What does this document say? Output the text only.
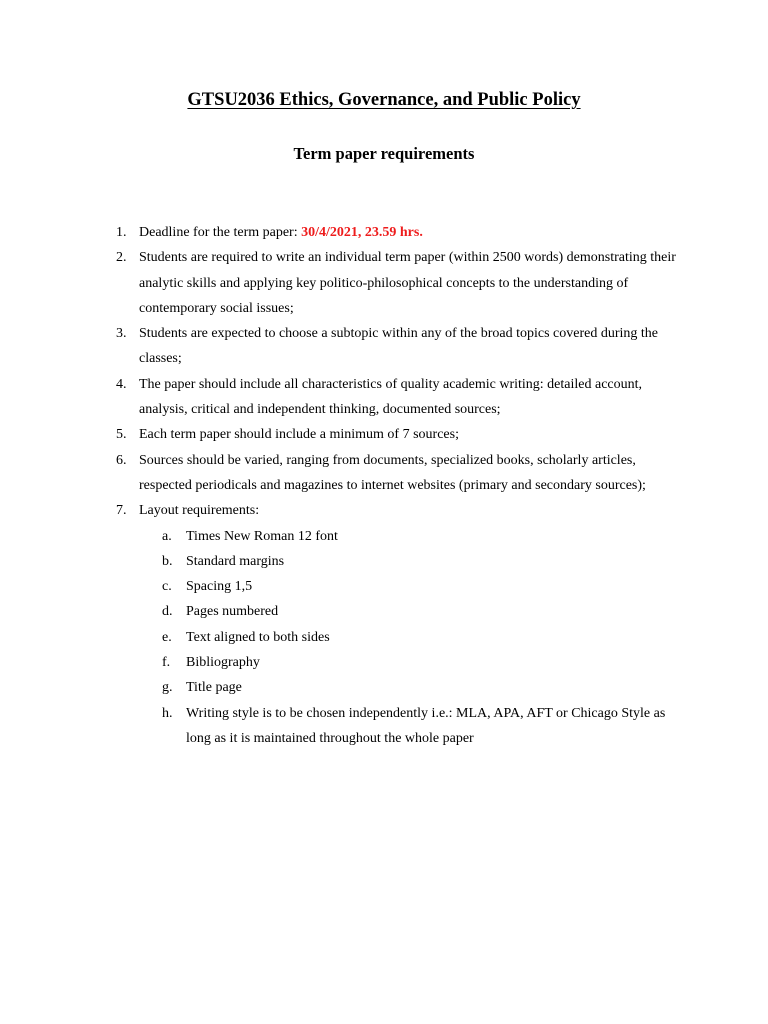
GTSU2036 Ethics, Governance, and Public Policy
Term paper requirements
1. Deadline for the term paper: 30/4/2021, 23.59 hrs.
2. Students are required to write an individual term paper (within 2500 words) demonstrating their analytic skills and applying key politico-philosophical concepts to the understanding of contemporary social issues;
3. Students are expected to choose a subtopic within any of the broad topics covered during the classes;
4. The paper should include all characteristics of quality academic writing: detailed account, analysis, critical and independent thinking, documented sources;
5. Each term paper should include a minimum of 7 sources;
6. Sources should be varied, ranging from documents, specialized books, scholarly articles, respected periodicals and magazines to internet websites (primary and secondary sources);
7. Layout requirements:
a. Times New Roman 12 font
b. Standard margins
c. Spacing 1,5
d. Pages numbered
e. Text aligned to both sides
f. Bibliography
g. Title page
h. Writing style is to be chosen independently i.e.: MLA, APA, AFT or Chicago Style as long as it is maintained throughout the whole paper
